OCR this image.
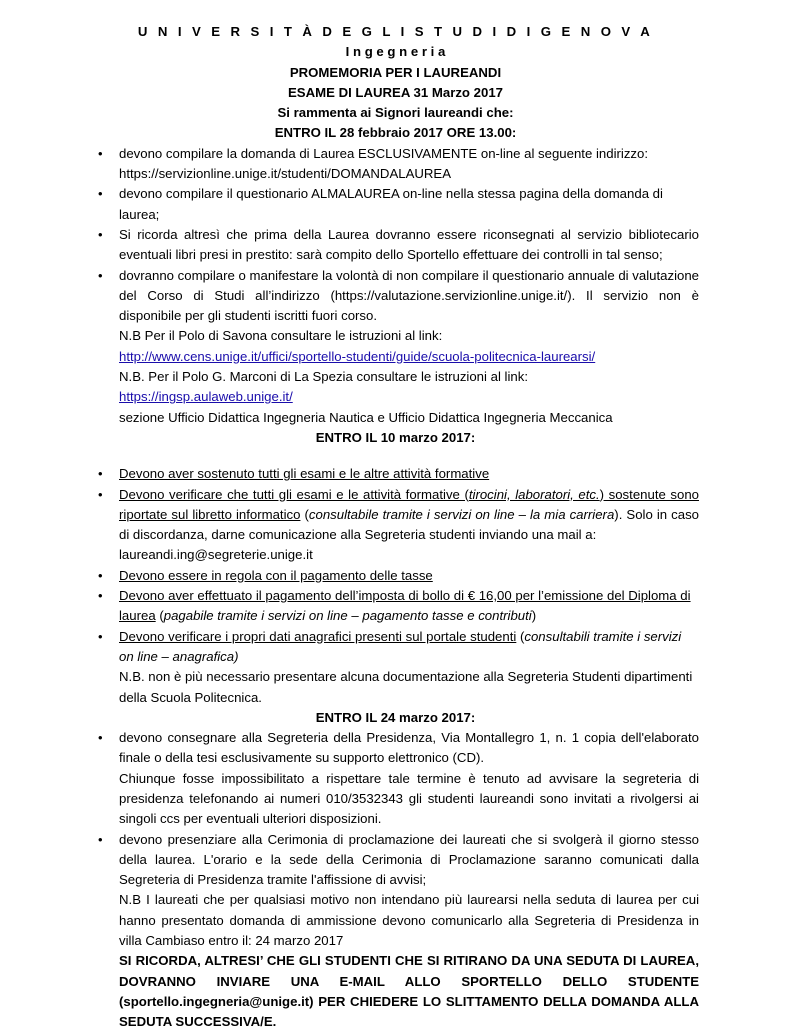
U N I V E R S I T À D E G L I S T U D I D I G E N O V A
I n g e g n e r i a
PROMEMORIA PER I LAUREANDI
ESAME DI LAUREA 31 Marzo 2017
Si rammenta ai Signori laureandi che:
ENTRO IL 28 febbraio 2017 ORE 13.00:
• devono compilare la domanda di Laurea ESCLUSIVAMENTE on-line al seguente indirizzo:
https://servizionline.unige.it/studenti/DOMANDALAUREA
• devono compilare il questionario ALMALAUREA on-line nella stessa pagina della domanda di laurea;
• Si ricorda altresì che prima della Laurea dovranno essere riconsegnati al servizio bibliotecario eventuali libri presi in prestito: sarà compito dello Sportello effettuare dei controlli in tal senso;
• dovranno compilare o manifestare la volontà di non compilare il questionario annuale di valutazione del Corso di Studi all’indirizzo (https://valutazione.servizionline.unige.it/). Il servizio non è disponibile per gli studenti iscritti fuori corso.
N.B Per il Polo di Savona consultare le istruzioni al link:
http://www.cens.unige.it/uffici/sportello-studenti/guide/scuola-politecnica-laurearsi/
N.B. Per il Polo G. Marconi di La Spezia consultare le istruzioni al link:
https://ingsp.aulaweb.unige.it/
sezione Ufficio Didattica Ingegneria Nautica e Ufficio Didattica Ingegneria Meccanica
ENTRO IL 10 marzo 2017:
• Devono aver sostenuto tutti gli esami e le altre attività formative
• Devono verificare che tutti gli esami e le attività formative (tirocini, laboratori, etc.) sostenute sono riportate sul libretto informatico (consultabile tramite i servizi on line – la mia carriera). Solo in caso di discordanza, darne comunicazione alla Segreteria studenti inviando una mail a:
laureandi.ing@segreterie.unige.it
• Devono essere in regola con il pagamento delle tasse
• Devono aver effettuato il pagamento dell’imposta di bollo di € 16,00 per l’emissione del Diploma di laurea (pagabile tramite i servizi on line – pagamento tasse e contributi)
• Devono verificare i propri dati anagrafici presenti sul portale studenti (consultabili tramite i servizi on line – anagrafica)
N.B. non è più necessario presentare alcuna documentazione alla Segreteria Studenti dipartimenti della Scuola Politecnica.
ENTRO IL 24 marzo 2017:
• devono consegnare alla Segreteria della Presidenza, Via Montallegro 1, n. 1 copia dell'elaborato finale o della tesi esclusivamente su supporto elettronico (CD).
Chiunque fosse impossibilitato a rispettare tale termine è tenuto ad avvisare la segreteria di presidenza telefonando ai numeri 010/3532343 gli studenti laureandi sono invitati a rivolgersi ai singoli ccs per eventuali ulteriori disposizioni.
• devono presenziare alla Cerimonia di proclamazione dei laureati che si svolgerà il giorno stesso della laurea. L'orario e la sede della Cerimonia di Proclamazione saranno comunicati dalla Segreteria di Presidenza tramite l'affissione di avvisi;
N.B I laureati che per qualsiasi motivo non intendano più laurearsi nella seduta di laurea per cui hanno presentato domanda di ammissione devono comunicarlo alla Segreteria di Presidenza in villa Cambiaso entro il: 24 marzo 2017
SI RICORDA, ALTRESI’ CHE GLI STUDENTI CHE SI RITIRANO DA UNA SEDUTA DI LAUREA, DOVRANNO INVIARE UNA E-MAIL ALLO SPORTELLO DELLO STUDENTE (sportello.ingegneria@unige.it) PER CHIEDERE LO SLITTAMENTO DELLA DOMANDA ALLA SEDUTA SUCCESSIVA/E.
